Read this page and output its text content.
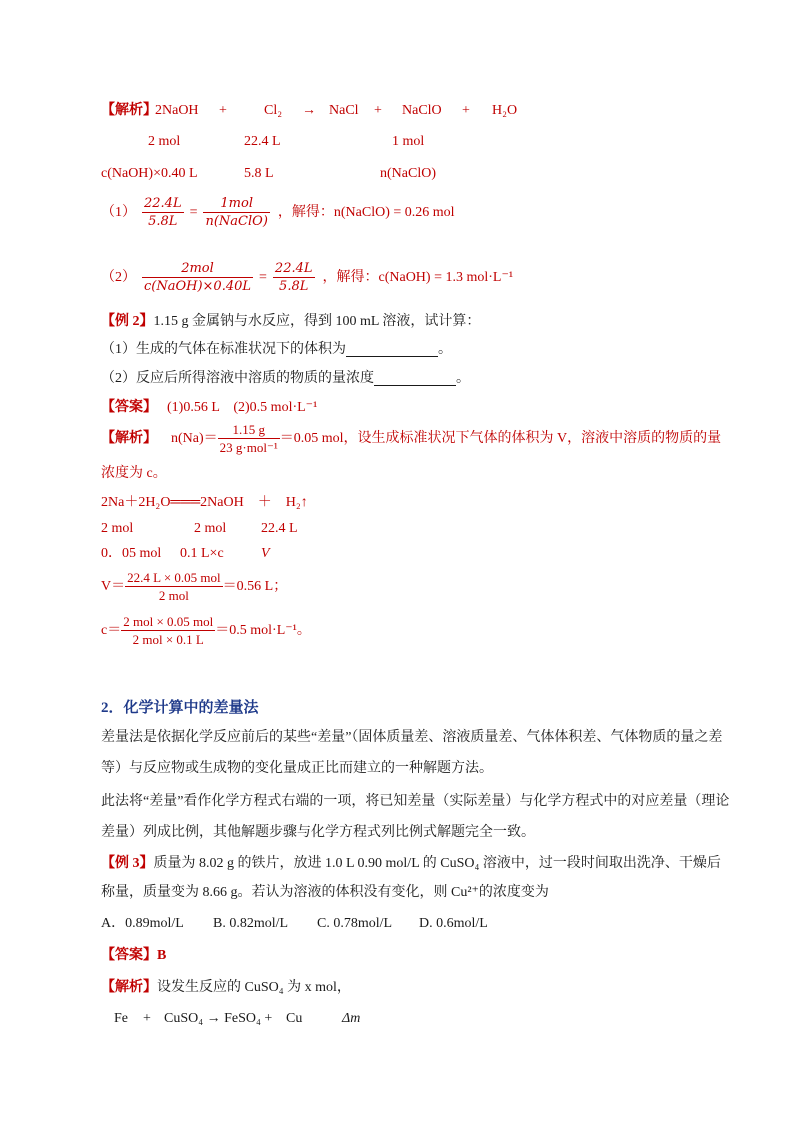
【解析】
2NaOH +	Cl₂ → NaCl + NaClO + H₂O
2 mol	22.4 L	1 mol
c(NaOH)×0.40 L	5.8 L	n(NaClO)
$(1) \frac{22.4L}{5.8L} = \frac{\text{1mol}}{\text{n(NaClO)}}$ ，解得： n(NaClO) = 0.26 mol
$(2) \frac{\text{2mol}}{\text{c(NaOH)×0.40L}} = \frac{22.4L}{5.8L}$ ，解得： c(NaOH) = 1.3 mol·L⁻¹
【例 2】1.15 g 金属钠与水反应，得到 100 mL 溶液，试计算：
（1）生成的气体在标准状况下的体积为	。
（2）反应后所得溶液中溶质的物质的量浓度	。
【答案】 (1)0.56 L　(2)0.5 mol·L⁻¹
【解析】 $n(Na)= \frac{1.15 g}{\text{23 g·mol⁻¹}} =0.05$ mol，设生成标准状况下气体的体积为 V，溶液中溶质的物质的量
浓度为 c。
2Na＋2H₂O═══2NaOH　＋　H₂↑
2 mol	2 mol 22.4 L
0．05 mol 0.1 L×c	V
$V= \frac{\text{22.4 L × 0.05 mol}}{\text{2 mol}} =0.56$ L；
$c= \frac{\text{2 mol × 0.05 mol}}{\text{2 mol × 0.1 L}} =0.5$ mol·L⁻¹。
2．化学计算中的差量法
差量法是依据化学反应前后的某些“差量”（固体质量差、溶液质量差、气体体积差、气体物质的量之差
等）与反应物或生成物的变化量成正比而建立的一种解题方法。
此法将“差量”看作化学方程式右端的一项，将已知差量（实际差量）与化学方程式中的对应差量（理论
差量）列成比例，其他解题步骤与化学方程式列比例式解题完全一致。
【例 3】质量为 8.02 g 的铁片，放进 1.0 L 0.90 mol/L 的 CuSO₄ 溶液中，过一段时间取出洗净、干燥后
称量，质量变为 8.66 g。若认为溶液的体积没有变化，则 Cu²⁺的浓度变为
A．0.89mol/L B. 0.82mol/L C. 0.78mol/L D. 0.6mol/L
【答案】B
【解析】设发生反应的 CuSO₄ 为 x mol，
Fe + CuSO₄ → FeSO₄ + Cu	Δm
